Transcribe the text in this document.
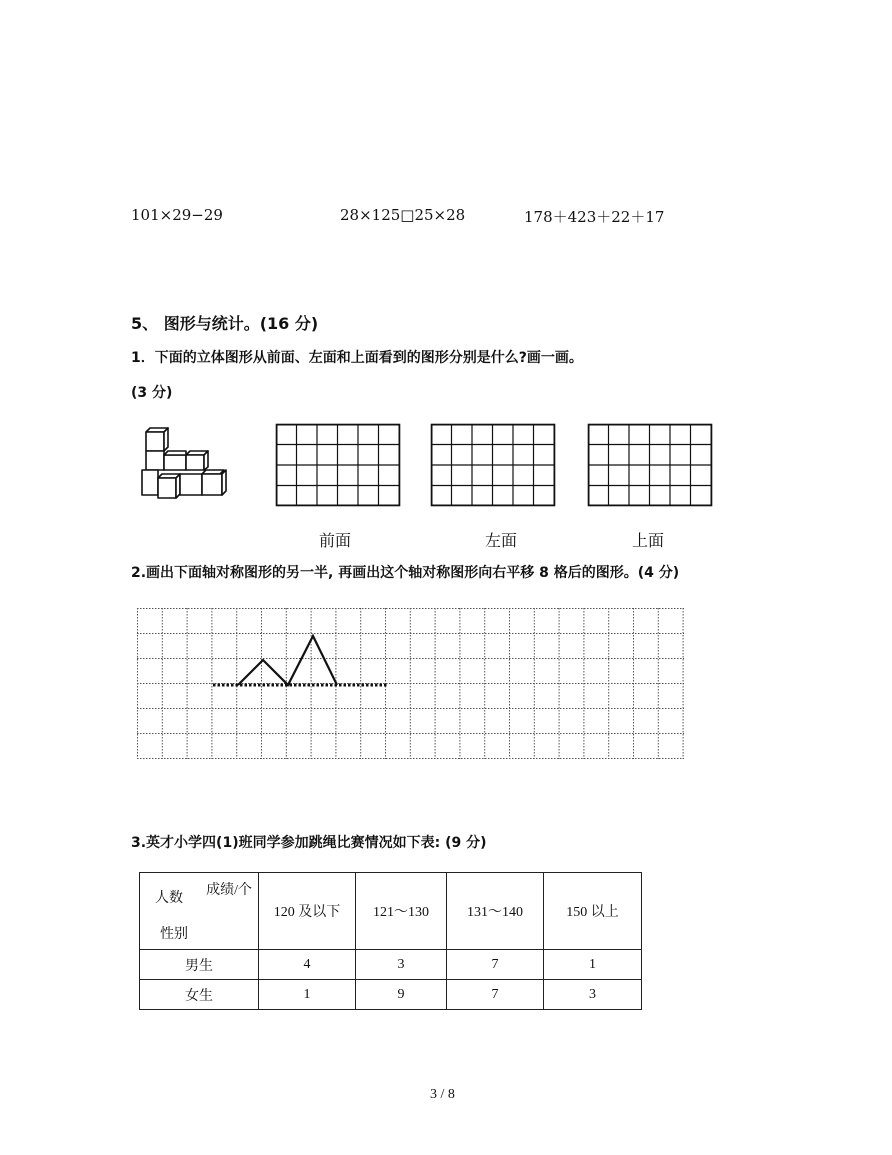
101×29−29	28×125□25×28	178＋423＋22＋17
5、 图形与统计。(16 分)
1．下面的立体图形从前面、左面和上面看到的图形分别是什么?画一画。
(3 分)
前面	左面	上面
2.画出下面轴对称图形的另一半, 再画出这个轴对称图形向右平移 8 格后的图形。(4 分)
3.英才小学四(1)班同学参加跳绳比赛情况如下表: (9 分)
成绩/个
人数
性别	120 及以下	121～130	131～140	150 以上
男生	4	3	7	1
女生	1	9	7	3
3 / 8
